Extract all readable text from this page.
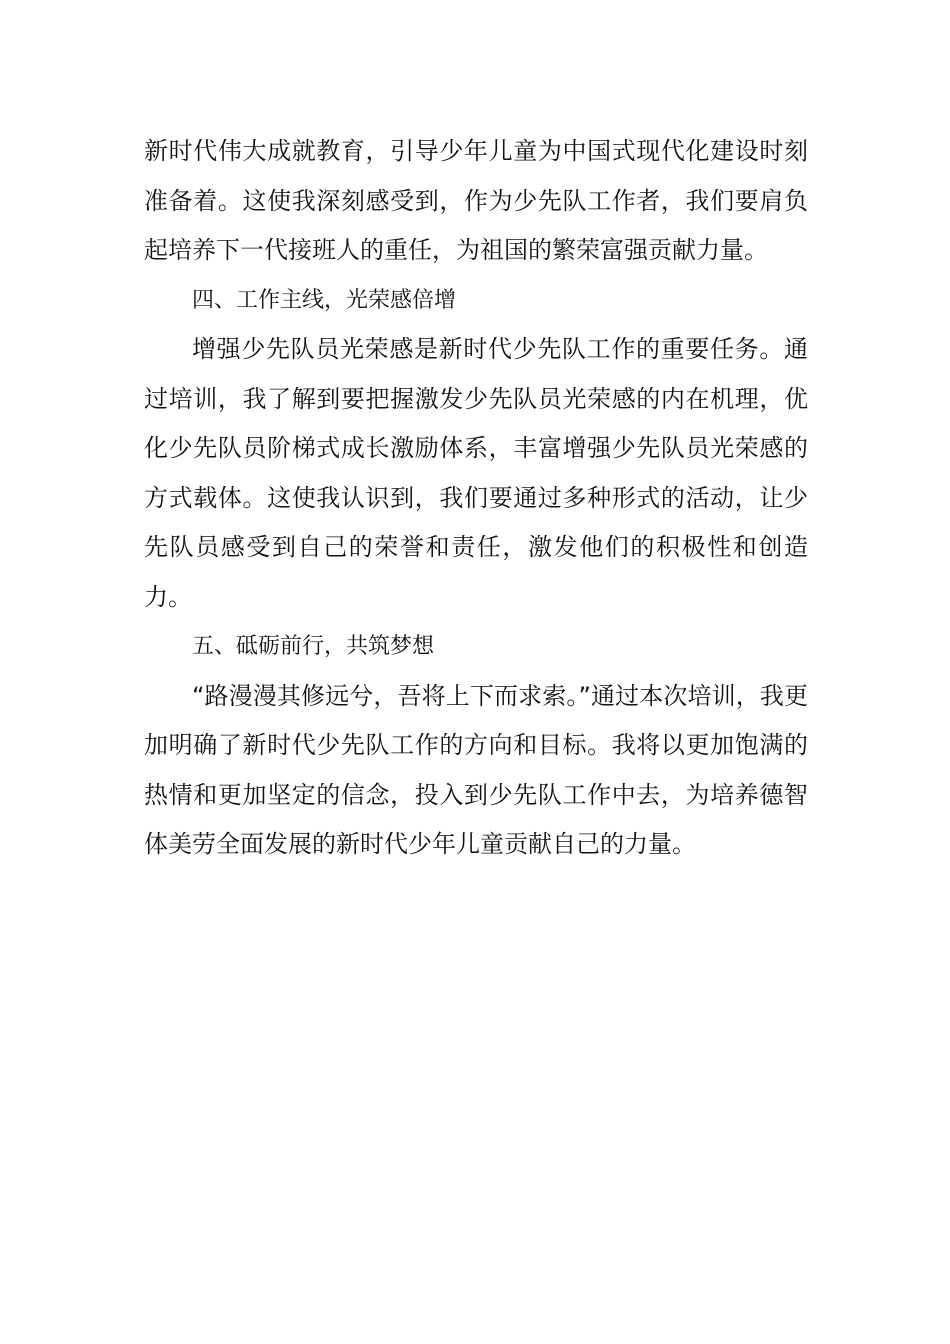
新时代伟大成就教育，引导少年儿童为中国式现代化建设时刻准备着。这使我深刻感受到，作为少先队工作者，我们要肩负起培养下一代接班人的重任，为祖国的繁荣富强贡献力量。

四、工作主线，光荣感倍增

增强少先队员光荣感是新时代少先队工作的重要任务。通过培训，我了解到要把握激发少先队员光荣感的内在机理，优化少先队员阶梯式成长激励体系，丰富增强少先队员光荣感的方式载体。这使我认识到，我们要通过多种形式的活动，让少先队员感受到自己的荣誉和责任，激发他们的积极性和创造力。

五、砥砺前行，共筑梦想

“路漫漫其修远兮，吾将上下而求索。”通过本次培训，我更加明确了新时代少先队工作的方向和目标。我将以更加饱满的热情和更加坚定的信念，投入到少先队工作中去，为培养德智体美劳全面发展的新时代少年儿童贡献自己的力量。
